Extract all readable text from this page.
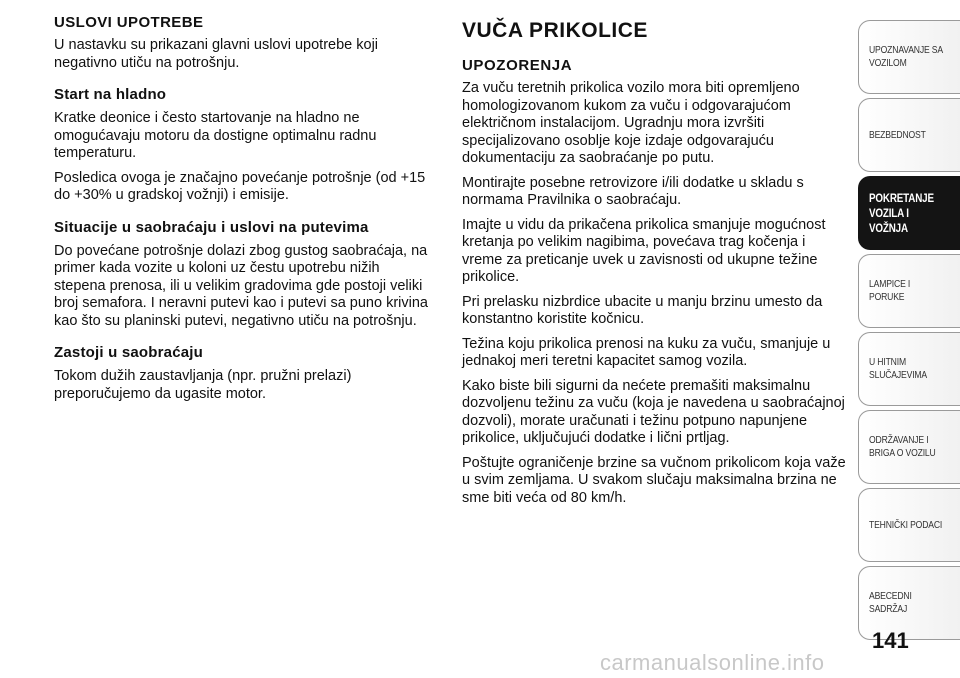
USLOVI UPOTREBE

U nastavku su prikazani glavni uslovi upotrebe koji negativno utiču na potrošnju.

Start na hladno

Kratke deonice i često startovanje na hladno ne omogućavaju motoru da dostigne optimalnu radnu temperaturu.

Posledica ovoga je značajno povećanje potrošnje (od +15 do +30% u gradskoj vožnji) i emisije.

Situacije u saobraćaju i uslovi na putevima

Do povećane potrošnje dolazi zbog gustog saobraćaja, na primer kada vozite u koloni uz čestu upotrebu nižih stepena prenosa, ili u velikim gradovima gde postoji veliki broj semafora. I neravni putevi kao i putevi sa puno krivina kao što su planinski putevi, negativno utiču na potrošnju.

Zastoji u saobraćaju

Tokom dužih zaustavljanja (npr. pružni prelazi) preporučujemo da ugasite motor.

VUČA PRIKOLICE
UPOZORENJA

Za vuču teretnih prikolica vozilo mora biti opremljeno homologizovanom kukom za vuču i odgovarajućom električnom instalacijom. Ugradnju mora izvršiti specijalizovano osoblje koje izdaje odgovarajuću dokumentaciju za saobraćanje po putu.

Montirajte posebne retrovizore i/ili dodatke u skladu s normama Pravilnika o saobraćaju.

Imajte u vidu da prikačena prikolica smanjuje mogućnost kretanja po velikim nagibima, povećava trag kočenja i vreme za preticanje uvek u zavisnosti od ukupne težine prikolice.

Pri prelasku nizbrdice ubacite u manju brzinu umesto da konstantno koristite kočnicu.

Težina koju prikolica prenosi na kuku za vuču, smanjuje u jednakoj meri teretni kapacitet samog vozila.

Kako biste bili sigurni da nećete premašiti maksimalnu dozvoljenu težinu za vuču (koja je navedena u saobraćajnoj dozvoli), morate uračunati i težinu potpuno napunjene prikolice, uključujući dodatke i lični prtljag.

Poštujte ograničenje brzine sa vučnom prikolicom koja važe u svim zemljama. U svakom slučaju maksimalna brzina ne sme biti veća od 80 km/h.

UPOZNAVANJE SA
VOZILOM
BEZBEDNOST
POKRETANJE
VOZILA I VOŽNJA
LAMPICE I PORUKE
U HITNIM
SLUČAJEVIMA
ODRŽAVANJE I
BRIGA O VOZILU
TEHNIČKI PODACI
ABECEDNI SADRŽAJ
141
carmanualsonline.info
